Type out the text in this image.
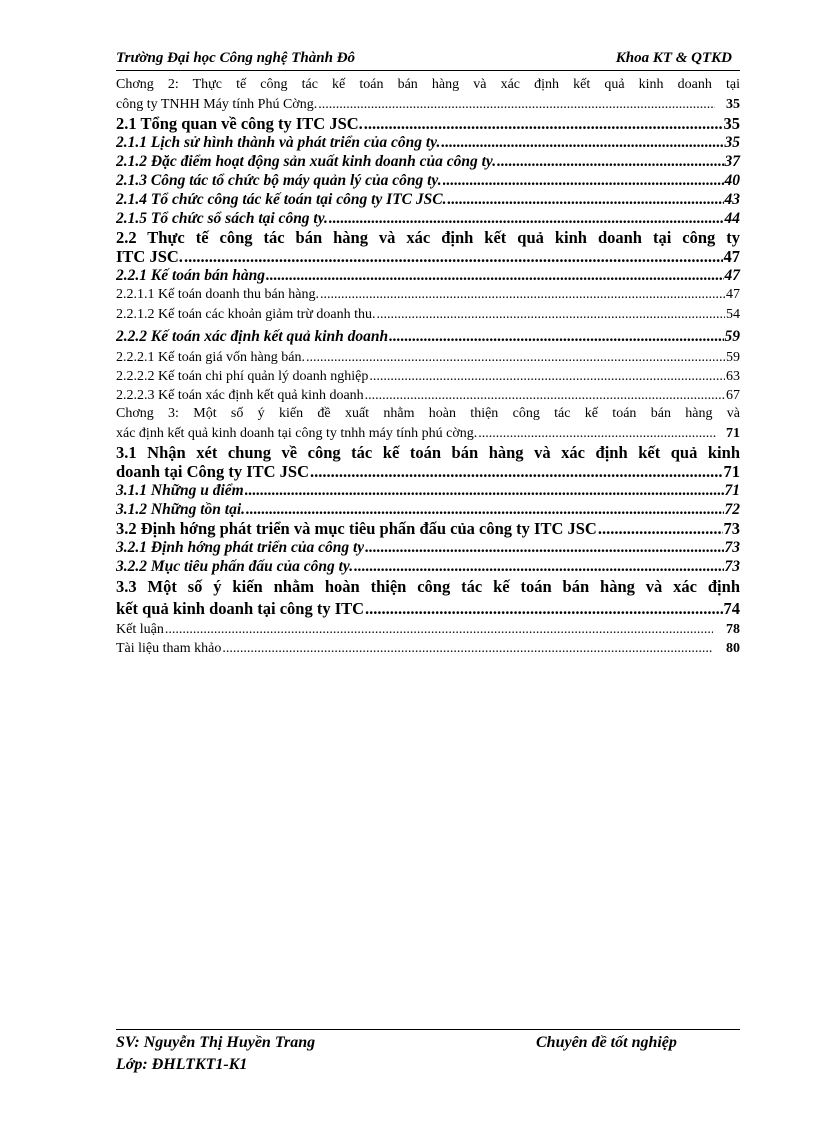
Trường Đại học Công nghệ Thành Đô	Khoa KT & QTKD
Chơng 2: Thực tế công tác kế toán bán hàng và xác định kết quả kinh doanh tại
công ty TNHH Máy tính Phú Cờng. .....	35
2.1 Tổng quan về công ty ITC JSC. .....	35
2.1.1 Lịch sử hình thành và phát triển của công ty. .....	35
2.1.2 Đặc điểm hoạt động sản xuất kinh doanh của công ty. .....	37
2.1.3 Công tác tổ chức bộ máy quản lý của công ty. .....	40
2.1.4 Tổ chức công tác kế toán tại công ty ITC JSC. .....	43
2.1.5 Tổ chức sổ sách tại công ty. .....	44
2.2 Thực tế công tác bán hàng và xác định kết quả kinh doanh tại công ty
ITC JSC. .....	47
2.2.1 Kế toán bán hàng .....	47
2.2.1.1 Kế toán doanh thu bán hàng. .....	47
2.2.1.2 Kế toán các khoản giảm trừ doanh thu. .....	54
2.2.2 Kế toán xác định kết quả kinh doanh .....	59
2.2.2.1 Kế toán giá vốn hàng bán. .....	59
2.2.2.2 Kế toán chi phí quản lý doanh nghiệp .....	63
2.2.2.3 Kế toán xác định kết quả kinh doanh .....	67
Chơng 3: Một số ý kiến đề xuất nhằm hoàn thiện công tác kế toán bán hàng và
xác định kết quả kinh doanh tại công ty tnhh máy tính phú cờng. .....	71
3.1 Nhận xét chung về công tác kế toán bán hàng và xác định kết quả kinh
doanh tại Công ty ITC JSC .....	71
3.1.1 Những u điểm .....	71
3.1.2 Những tồn tại. .....	72
3.2 Định hớng phát triển và mục tiêu phấn đấu của công ty ITC JSC .....	73
3.2.1 Định hớng phát triển của công ty .....	73
3.2.2 Mục tiêu phấn đấu của công ty. .....	73
3.3 Một số ý kiến nhằm hoàn thiện công tác kế toán bán hàng và xác định
kết quả kinh doanh tại công ty ITC .....	74
Kết luận .....	78
Tài liệu tham khảo .....	80
SV: Nguyễn Thị Huyền Trang
Lớp: ĐHLTKT1-K1
Chuyên đề tốt nghiệp
